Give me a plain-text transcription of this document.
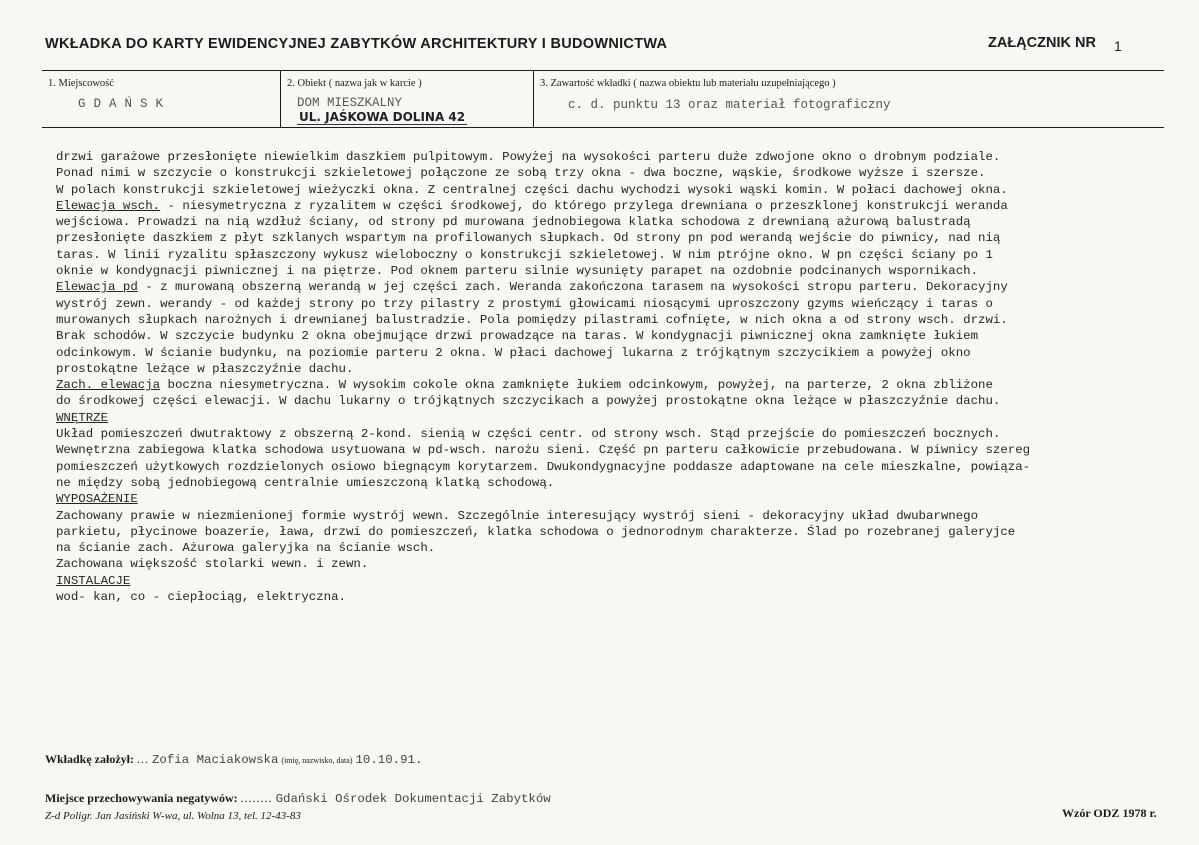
WKŁADKA DO KARTY EWIDENCYJNEJ ZABYTKÓW ARCHITEKTURY I BUDOWNICTWA	ZAŁĄCZNIK NR 1
1. Miejscowość
GDAŃSK
2. Obiekt ( nazwa jak w karcie )
DOM MIESZKALNY
UL. JAŚKOWA DOLINA 42
3. Zawartość wkładki ( nazwa obiektu lub materiału uzupełniającego )
c. d. punktu 13 oraz materiał fotograficzny
drzwi garażowe przesłonięte niewielkim daszkiem pulpitowym. Powyżej na wysokości parteru duże zdwojone okno o drobnym podziale.
Ponad nimi w szczycie o konstrukcji szkieletowej połączone ze sobą trzy okna - dwa boczne, wąskie, środkowe wyższe i szersze.
W polach konstrukcji szkieletowej wieżyczki okna. Z centralnej części dachu wychodzi wysoki wąski komin. W połaci dachowej okna.
Elewacja wsch. - niesymetryczna z ryzalitem w części środkowej, do którego przylega drewniana o przeszklonej konstrukcji weranda
wejściowa. Prowadzi na nią wzdłuż ściany, od strony pd murowana jednobiegowa klatka schodowa z drewnianą ażurową balustradą
przesłonięte daszkiem z płyt szklanych wspartym na profilowanych słupkach. Od strony pn pod werandą wejście do piwnicy, nad nią
taras. W linii ryzalitu spłaszczony wykusz wieloboczny o konstrukcji szkieletowej. W nim ptrójne okno. W pn części ściany po 1
oknie w kondygnacji piwnicznej i na piętrze. Pod oknem parteru silnie wysunięty parapet na ozdobnie podcinanych wspornikach.
Elewacja pd - z murowaną obszerną werandą w jej części zach. Weranda zakończona tarasem na wysokości stropu parteru. Dekoracyjny
wystrój zewn. werandy - od każdej strony po trzy pilastry z prostymi głowicami niosącymi uproszczony gzyms wieńczący i taras o
murowanych słupkach narożnych i drewnianej balustradzie. Pola pomiędzy pilastrami cofnięte, w nich okna a od strony wsch. drzwi.
Brak schodów. W szczycie budynku 2 okna obejmujące drzwi prowadzące na taras. W kondygnacji piwnicznej okna zamknięte łukiem
odcinkowym. W ścianie budynku, na poziomie parteru 2 okna. W płaci dachowej lukarna z trójkątnym szczycikiem a powyżej okno
prostokątne leżące w płaszczyźnie dachu.
Zach. elewacja boczna niesymetryczna. W wysokim cokole okna zamknięte łukiem odcinkowym, powyżej, na parterze, 2 okna zbliżone
do środkowej części elewacji. W dachu lukarny o trójkątnych szczycikach a powyżej prostokątne okna leżące w płaszczyźnie dachu.
WNĘTRZE
Układ pomieszczeń dwutraktowy z obszerną 2-kond. sienią w części centr. od strony wsch. Stąd przejście do pomieszczeń bocznych.
Wewnętrzna zabiegowa klatka schodowa usytuowana w pd-wsch. narożu sieni. Część pn parteru całkowicie przebudowana. W piwnicy szereg
pomieszczeń użytkowych rozdzielonych osiowo biegnącym korytarzem. Dwukondygnacyjne poddasze adaptowane na cele mieszkalne, powiąza-
ne między sobą jednobiegową centralnie umieszczoną klatką schodową.
WYPOSAŻENIE
Zachowany prawie w niezmienionej formie wystrój wewn. Szczególnie interesujący wystrój sieni - dekoracyjny układ dwubarwnego
parkietu, płycinowe boazerie, ława, drzwi do pomieszczeń, klatka schodowa o jednorodnym charakterze. Ślad po rozebranej galeryjce
na ścianie zach. Ażurowa galeryjka na ścianie wsch.
Zachowana większość stolarki wewn. i zewn.
INSTALACJE
wod- kan, co - ciepłociąg, elektryczna.
Wkładkę założył: ... Zofia Maciakowska (imię, nazwisko, data) 10.10.91.
Miejsce przechowywania negatywów: ........ Gdański Ośrodek Dokumentacji Zabytków
Z-d Poligr. Jan Jasiński W-wa, ul. Wolna 13, tel. 12-43-83	Wzór ODZ 1978 r.
